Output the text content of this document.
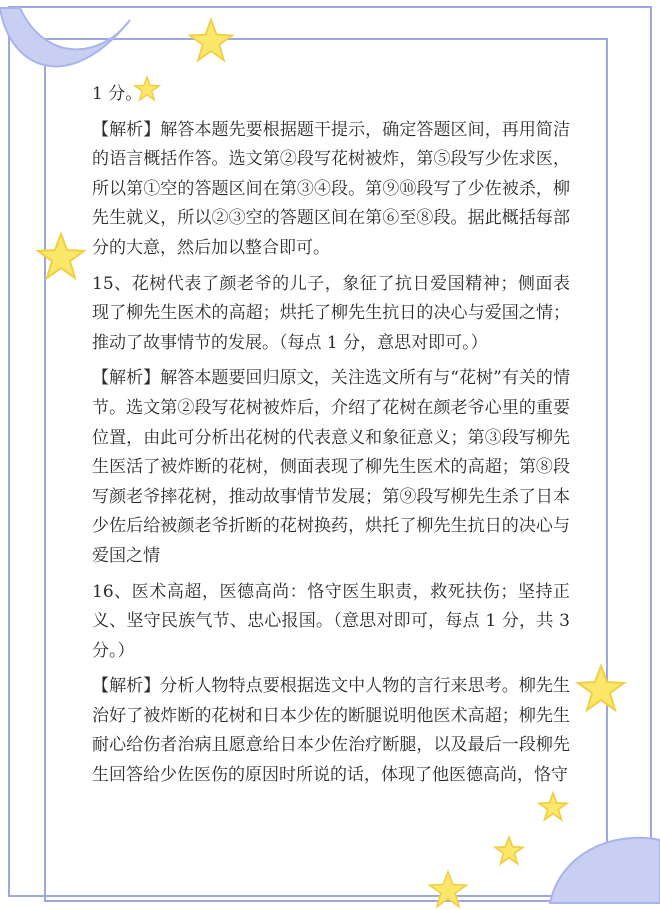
1 分。

【解析】解答本题先要根据题干提示，确定答题区间，再用简洁的语言概括作答。选文第②段写花树被炸，第⑤段写少佐求医，所以第①空的答题区间在第③④段。第⑨⑩段写了少佐被杀，柳先生就义，所以②③空的答题区间在第⑥至⑧段。据此概括每部分的大意，然后加以整合即可。

15、花树代表了颜老爷的儿子，象征了抗日爱国精神；侧面表现了柳先生医术的高超；烘托了柳先生抗日的决心与爱国之情；推动了故事情节的发展。（每点 1 分，意思对即可。）

【解析】解答本题要回归原文，关注选文所有与“花树”有关的情节。选文第②段写花树被炸后，介绍了花树在颜老爷心里的重要位置，由此可分析出花树的代表意义和象征意义；第③段写柳先生医活了被炸断的花树，侧面表现了柳先生医术的高超；第⑧段写颜老爷摔花树，推动故事情节发展；第⑨段写柳先生杀了日本少佐后给被颜老爷折断的花树换药，烘托了柳先生抗日的决心与爱国之情

16、医术高超，医德高尚：恪守医生职责，救死扶伤；坚持正义、坚守民族气节、忠心报国。（意思对即可，每点 1 分，共 3 分。）

【解析】分析人物特点要根据选文中人物的言行来思考。柳先生治好了被炸断的花树和日本少佐的断腿说明他医术高超；柳先生耐心给伤者治病且愿意给日本少佐治疗断腿，以及最后一段柳先生回答给少佐医伤的原因时所说的话，体现了他医德高尚，恪守
